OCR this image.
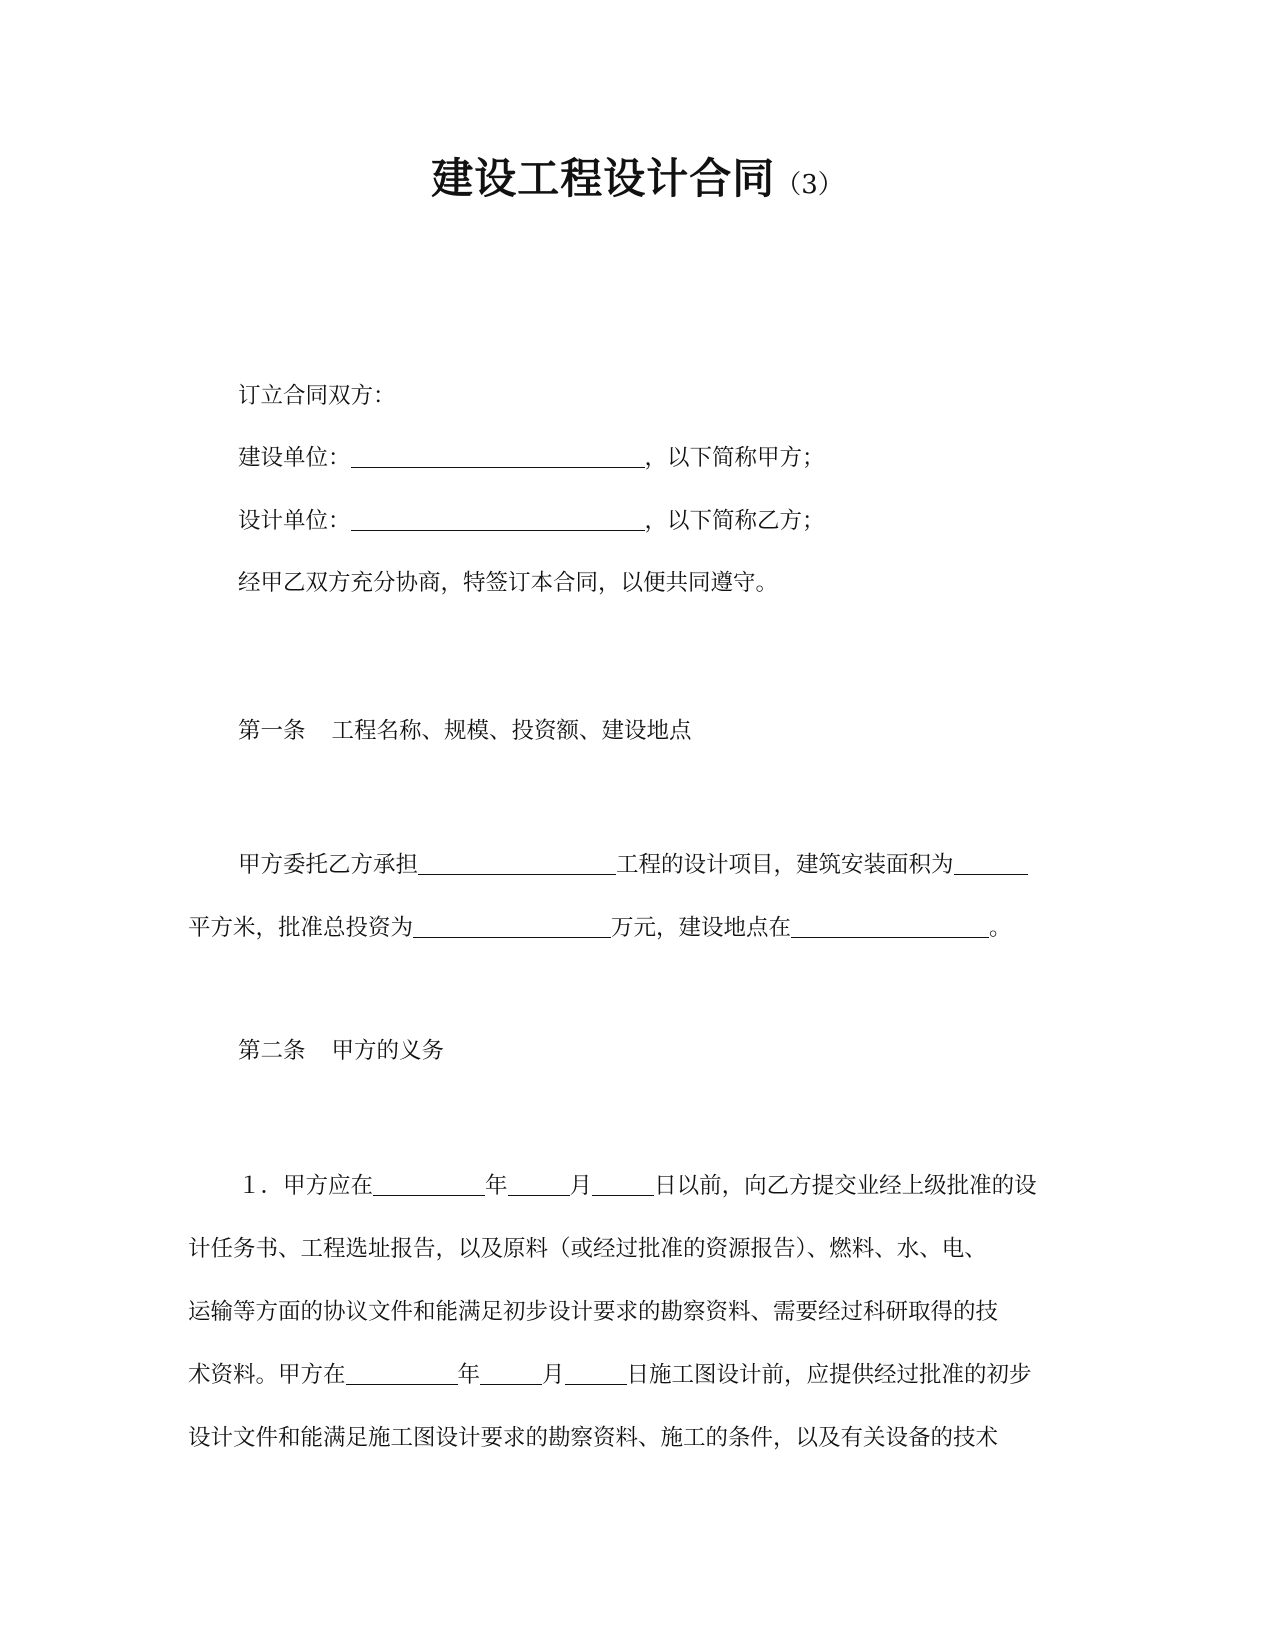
建设工程设计合同（3）
订立合同双方：
建设单位：	，以下简称甲方；
设计单位：	，以下简称乙方；
经甲乙双方充分协商，特签订本合同，以便共同遵守。
第一条 工程名称、规模、投资额、建设地点
甲方委托乙方承担	工程的设计项目，建筑安装面积为
平方米，批准总投资为	万元，建设地点在	。
第二条 甲方的义务
１．甲方应在	年	月	日以前，向乙方提交业经上级批准的设
计任务书、工程选址报告，以及原料（或经过批准的资源报告）、燃料、水、电、
运输等方面的协议文件和能满足初步设计要求的勘察资料、需要经过科研取得的技
术资料。甲方在	年	月	日施工图设计前，应提供经过批准的初步
设计文件和能满足施工图设计要求的勘察资料、施工的条件，以及有关设备的技术
